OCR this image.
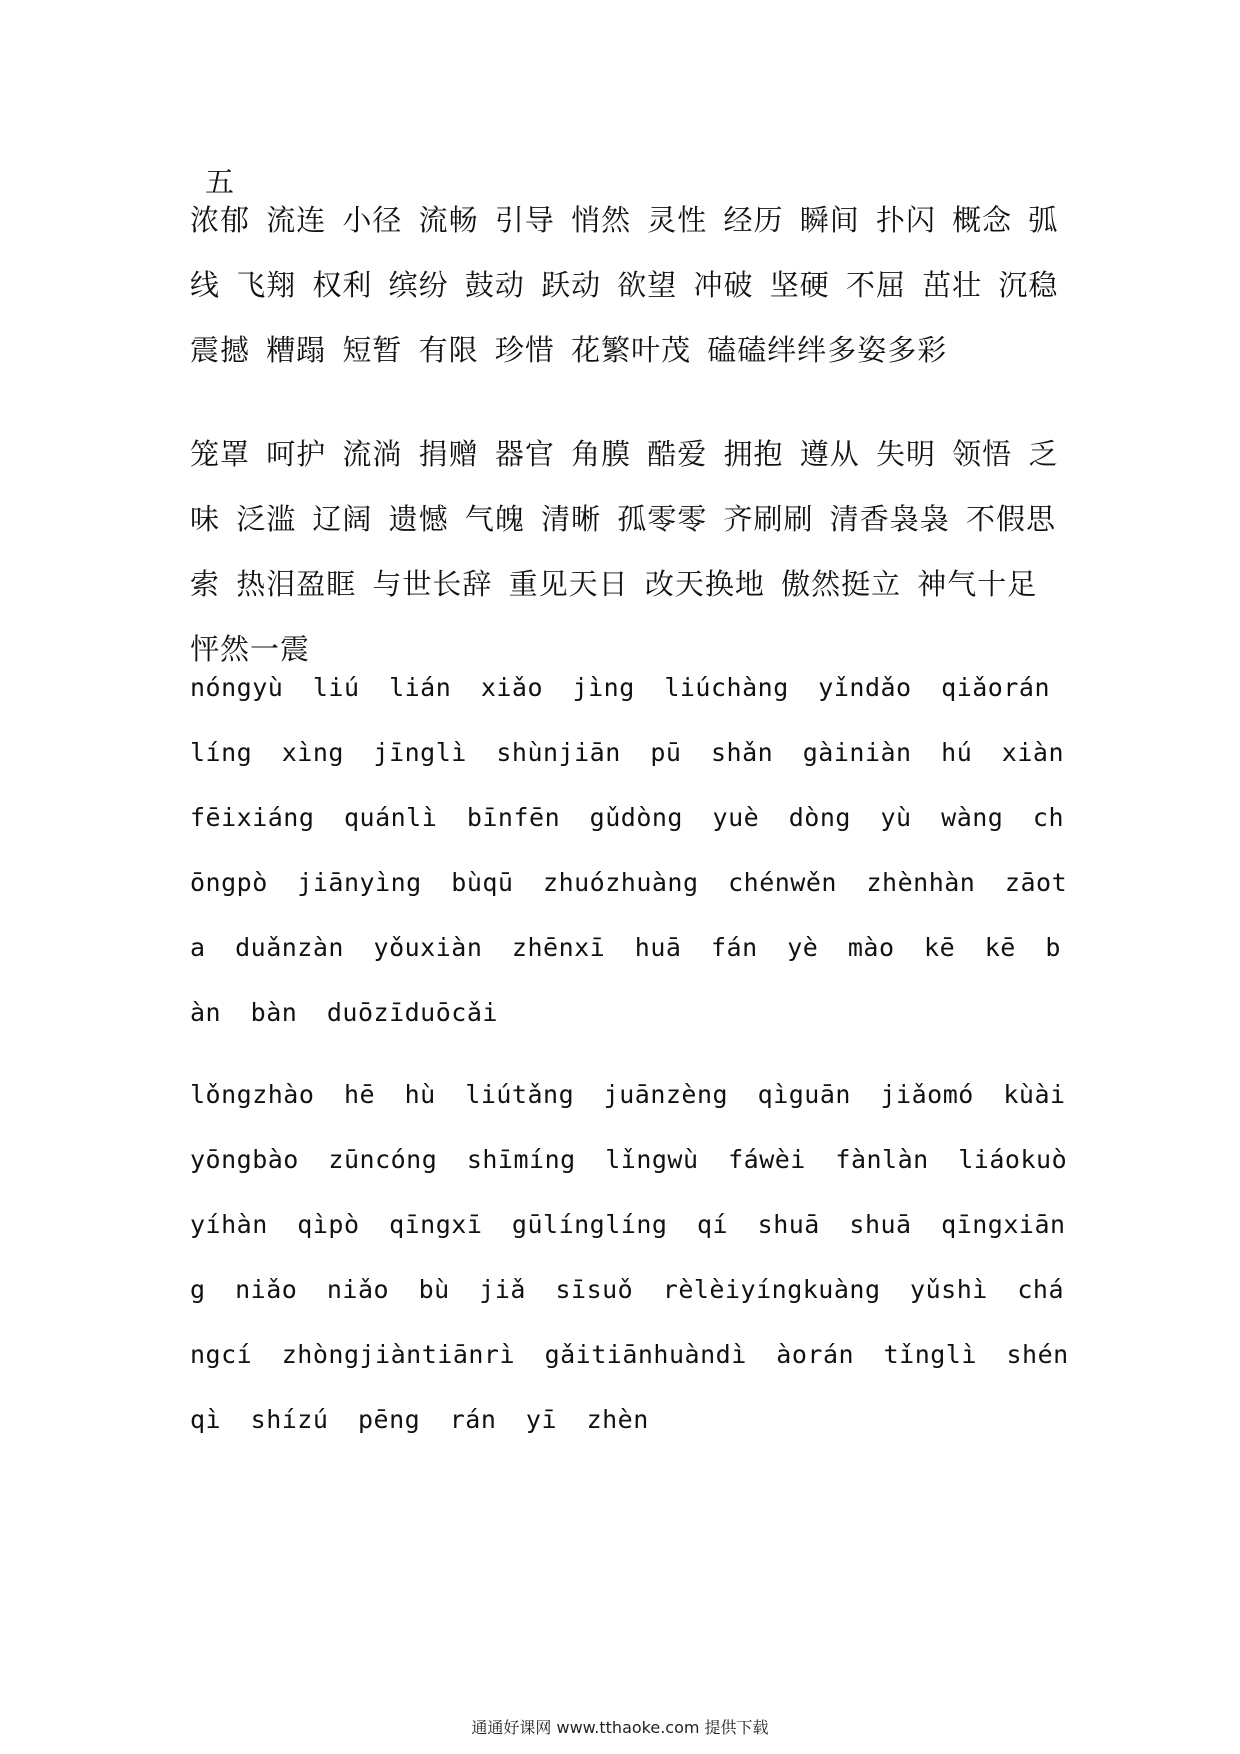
五

浓郁 流连 小径 流畅 引导 悄然 灵性 经历 瞬间 扑闪 概念 弧线 飞翔 权利 缤纷 鼓动 跃动 欲望 冲破 坚硬 不屈 茁壮 沉稳 震撼 糟蹋 短暂 有限 珍惜 花繁叶茂 磕磕绊绊多姿多彩

笼罩 呵护 流淌 捐赠 器官 角膜 酷爱 拥抱 遵从 失明 领悟 乏味 泛滥 辽阔 遗憾 气魄 清晰 孤零零 齐刷刷 清香袅袅 不假思索 热泪盈眶 与世长辞 重见天日 改天换地 傲然挺立 神气十足 怦然一震

nóngyù liú lián xiǎo jìng liúchàng yǐndǎo qiǎorán líng xìng jīnglì shùnjiān pū shǎn gàiniàn hú xiàn fēixiáng quánlì bīnfēn gǔdòng yuè dòng yù wàng chōngpò jiānyìng bùqū zhuózhuàng chénwěn zhènhàn zāota duǎnzàn yǒuxiàn zhēnxī huā fán yè mào kē kē bàn bàn duōzīduōcǎi

lǒngzhào hē hù liútǎng juānzèng qìguān jiǎomó kùài yōngbào zūncóng shīmíng lǐngwù fáwèi fànlàn liáokuò yíhàn qìpò qīngxī gūlínglíng qí shuā shuā qīngxiāng niǎo niǎo bù jiǎ sīsuǒ rèlèiyíngkuàng yǔshì chángcí zhòngjiàntiānrì gǎitiānhuàndì àorán tǐnglì shénqì shízú pēng rán yī zhèn

通通好课网 www.tthaoke.com 提供下载
